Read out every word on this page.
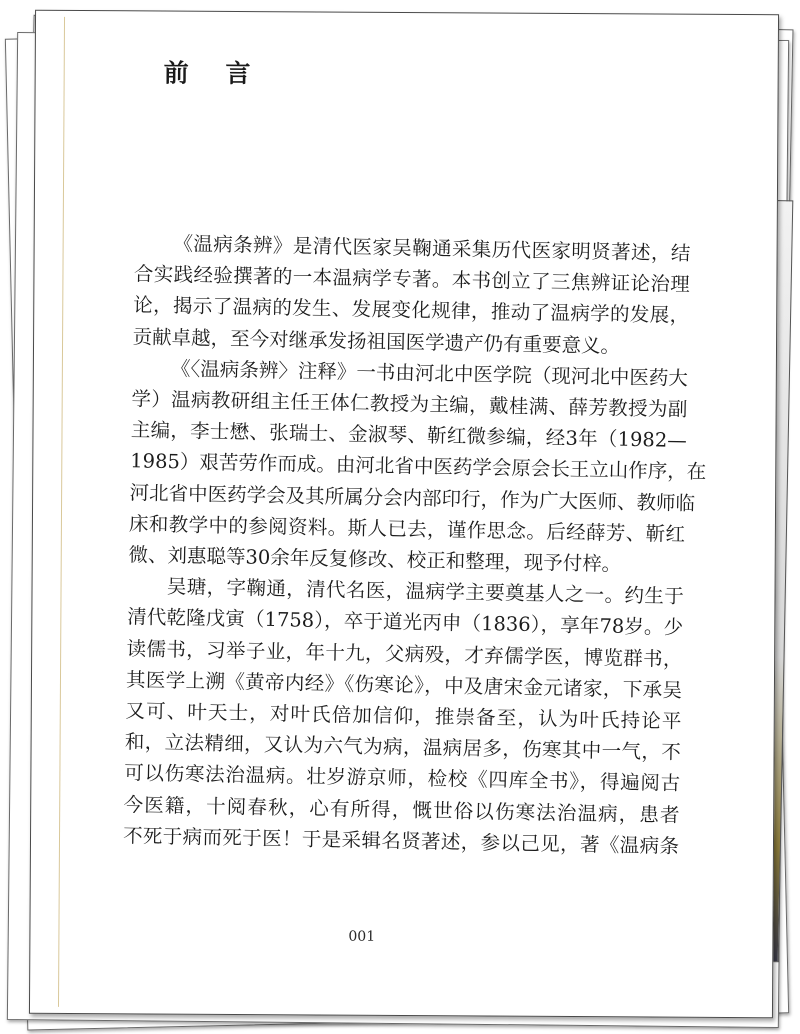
前 言
《温病条辨》是清代医家吴鞠通采集历代医家明贤著述，结
合实践经验撰著的一本温病学专著。本书创立了三焦辨证论治理
论，揭示了温病的发生、发展变化规律，推动了温病学的发展，
贡献卓越，至今对继承发扬祖国医学遗产仍有重要意义。
《〈温病条辨〉注释》一书由河北中医学院（现河北中医药大
学）温病教研组主任王体仁教授为主编，戴桂满、薛芳教授为副
主编，李士懋、张瑞士、金淑琴、靳红微参编，经3年（1982—
1985）艰苦劳作而成。由河北省中医药学会原会长王立山作序，在
河北省中医药学会及其所属分会内部印行，作为广大医师、教师临
床和教学中的参阅资料。斯人已去，谨作思念。后经薛芳、靳红
微、刘惠聪等30余年反复修改、校正和整理，现予付梓。
吴瑭，字鞠通，清代名医，温病学主要奠基人之一。约生于
清代乾隆戊寅（1758），卒于道光丙申（1836），享年78岁。少
读儒书，习举子业，年十九，父病殁，才弃儒学医，博览群书，
其医学上溯《黄帝内经》《伤寒论》，中及唐宋金元诸家，下承吴
又可、叶天士，对叶氏倍加信仰，推崇备至，认为叶氏持论平
和，立法精细，又认为六气为病，温病居多，伤寒其中一气，不
可以伤寒法治温病。壮岁游京师，检校《四库全书》，得遍阅古
今医籍，十阅春秋，心有所得，慨世俗以伤寒法治温病，患者
不死于病而死于医！于是采辑名贤著述，参以己见，著《温病条

001
